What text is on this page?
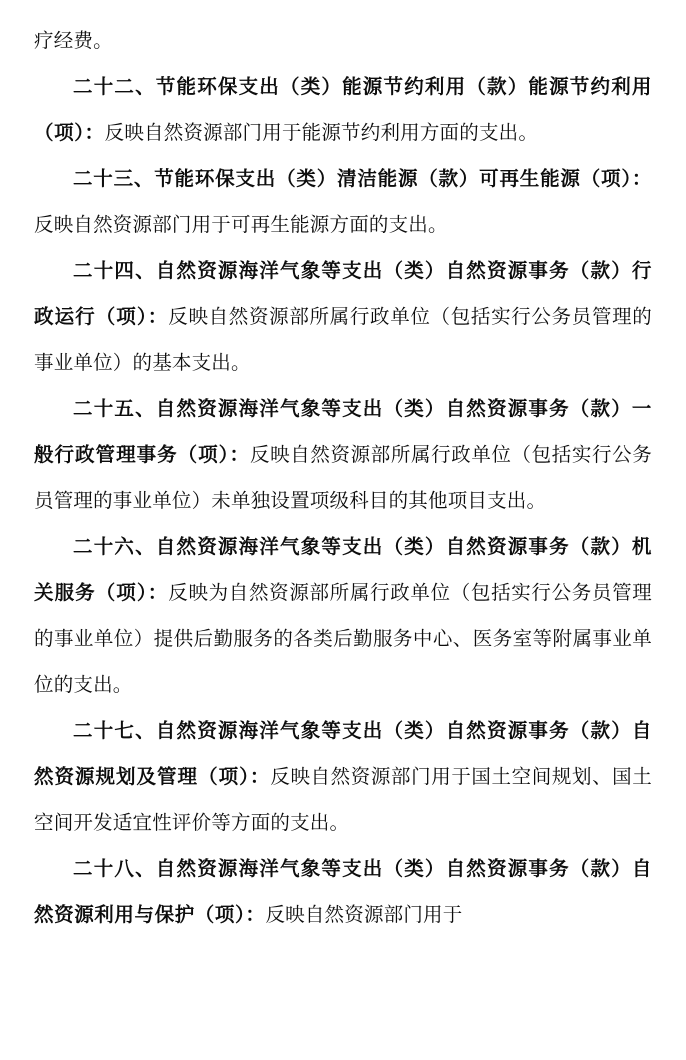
疗经费。

二十二、节能环保支出（类）能源节约利用（款）能源节约利用（项）：反映自然资源部门用于能源节约利用方面的支出。

二十三、节能环保支出（类）清洁能源（款）可再生能源（项）：反映自然资源部门用于可再生能源方面的支出。

二十四、自然资源海洋气象等支出（类）自然资源事务（款）行政运行（项）：反映自然资源部所属行政单位（包括实行公务员管理的事业单位）的基本支出。

二十五、自然资源海洋气象等支出（类）自然资源事务（款）一般行政管理事务（项）：反映自然资源部所属行政单位（包括实行公务员管理的事业单位）未单独设置项级科目的其他项目支出。

二十六、自然资源海洋气象等支出（类）自然资源事务（款）机关服务（项）：反映为自然资源部所属行政单位（包括实行公务员管理的事业单位）提供后勤服务的各类后勤服务中心、医务室等附属事业单位的支出。

二十七、自然资源海洋气象等支出（类）自然资源事务（款）自然资源规划及管理（项）：反映自然资源部门用于国土空间规划、国土空间开发适宜性评价等方面的支出。

二十八、自然资源海洋气象等支出（类）自然资源事务（款）自然资源利用与保护（项）：反映自然资源部门用于
